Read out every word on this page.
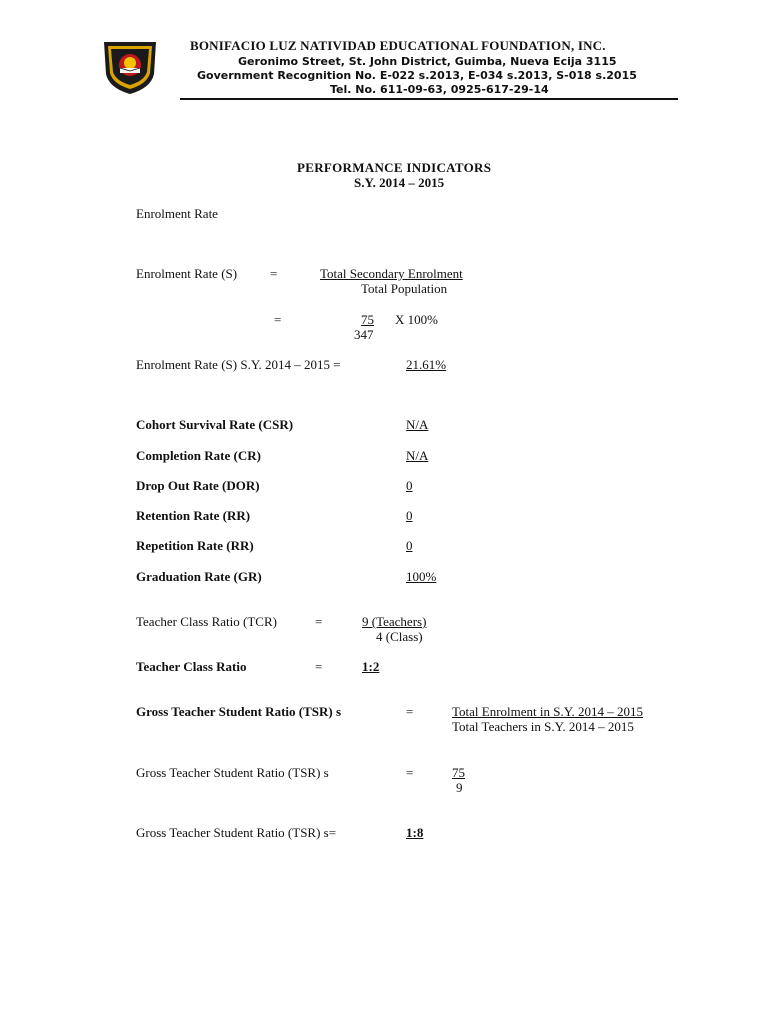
BONIFACIO LUZ NATIVIDAD EDUCATIONAL FOUNDATION, INC.
Geronimo Street, St. John District, Guimba, Nueva Ecija 3115
Government Recognition No. E-022 s.2013, E-034 s.2013, S-018 s.2015
Tel. No. 611-09-63, 0925-617-29-14
PERFORMANCE INDICATORS
S.Y. 2014 – 2015
Enrolment Rate
Enrolment Rate (S)	=	Total Secondary Enrolment
Total Population
=	75 X 100%
347
Enrolment Rate (S) S.Y. 2014 – 2015 =	21.61%
Cohort Survival Rate (CSR)	N/A
Completion Rate (CR)	N/A
Drop Out Rate (DOR)	0
Retention Rate (RR)	0
Repetition Rate (RR)	0
Graduation Rate (GR)	100%
Teacher Class Ratio (TCR)	=	9 (Teachers)
4 (Class)
Teacher Class Ratio	=	1:2
Gross Teacher Student Ratio (TSR) s	=	Total Enrolment in S.Y. 2014 – 2015
Total Teachers in S.Y. 2014 – 2015
Gross Teacher Student Ratio (TSR) s	=	75
9
Gross Teacher Student Ratio (TSR) s=	1:8
